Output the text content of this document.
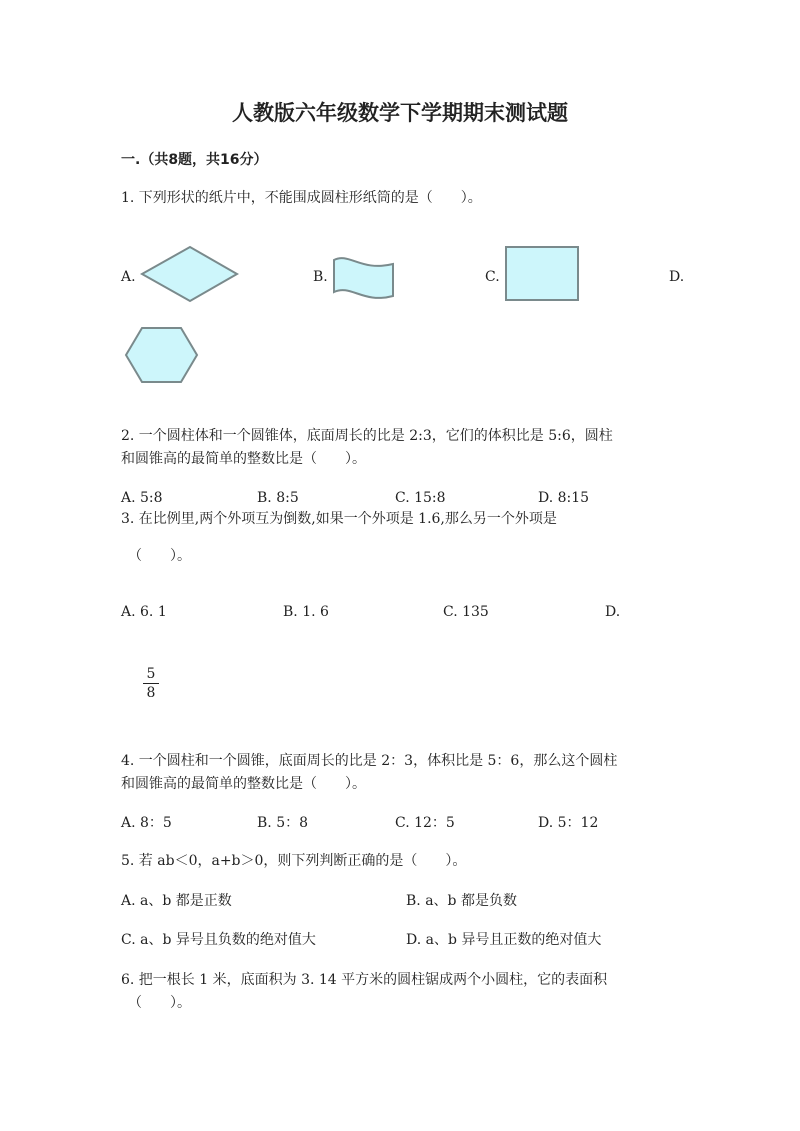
人教版六年级数学下学期期末测试题
一.（共8题，共16分）
1. 下列形状的纸片中，不能围成圆柱形纸筒的是（　　）。
A.	B.	C.	D.
2. 一个圆柱体和一个圆锥体，底面周长的比是 2:3，它们的体积比是 5:6，圆柱
和圆锥高的最简单的整数比是（　　）。
A. 5:8	B. 8:5	C. 15:8	D. 8:15
3. 在比例里,两个外项互为倒数,如果一个外项是 1.6,那么另一个外项是
（　　）。
A. 6. 1	B. 1. 6	C. 135	D.
5
8
4. 一个圆柱和一个圆锥，底面周长的比是 2：3，体积比是 5：6，那么这个圆柱
和圆锥高的最简单的整数比是（　　）。
A. 8：5	B. 5：8	C. 12：5	D. 5：12
5. 若 ab＜0，a+b＞0，则下列判断正确的是（　　）。
A. a、b 都是正数	B. a、b 都是负数
C. a、b 异号且负数的绝对值大	D. a、b 异号且正数的绝对值大
6. 把一根长 1 米，底面积为 3. 14 平方米的圆柱锯成两个小圆柱，它的表面积
（　　）。
